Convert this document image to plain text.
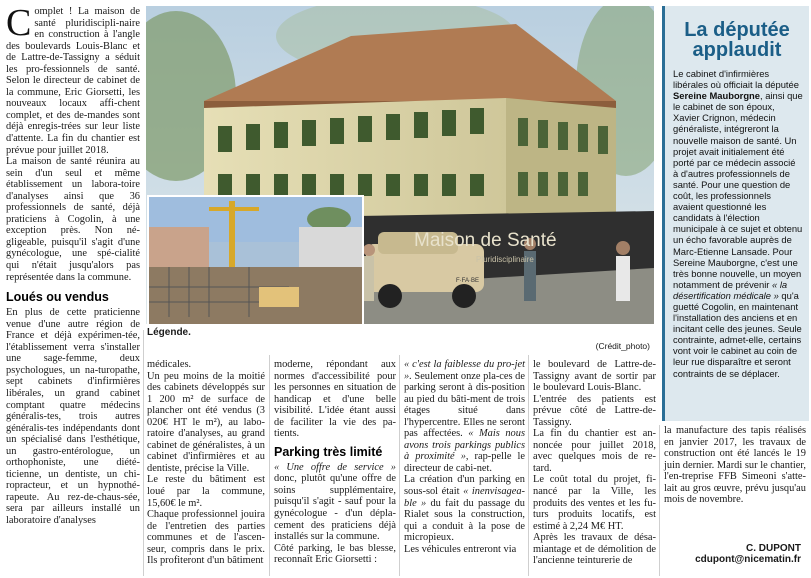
Complet ! La maison de santé pluridiscipli-naire en construction à l'angle des boulevards Louis-Blanc et de Lattre-de-Tassigny a séduit les pro-fessionnels de santé. Selon le directeur de cabinet de la commune, Eric Giorsetti, les nouveaux locaux affi-chent complet, et des de-mandes sont déjà enregis-trées sur leur liste d'attente. La fin du chantier est prévue pour juillet 2018.

La maison de santé réunira au sein d'un seul et même établissement un labora-toire d'analyses ainsi que 36 professionnels de santé, déjà praticiens à Cogolin, à une exception près. Non né-gligeable, puisqu'il s'agit d'une gynécologue, une spé-cialité qui n'était jusqu'alors pas représentée dans la commune.

Loués ou vendus

En plus de cette praticienne venue d'une autre région de France et déjà expérimen-tée, l'établissement verra s'installer une sage-femme, deux psychologues, un na-turopathe, sept cabinets d'infirmières libérales, un grand cabinet comptant quatre médecins généralis-tes, trois autres généralis-tes indépendants dont un spécialisé dans l'esthétique, un gastro-entérologue, un orthophoniste, une diété-ticienne, un dentiste, un chi-ropracteur, et un hypnothé-rapeute. Au rez-de-chaus-sée, sera par ailleurs installé un laboratoire d'analyses

Maison de Santé
Pluridisciplinaire
F·FA·BE
Légende.
(Crédit_photo)

médicales.

Un peu moins de la moitié des cabinets développés sur 1 200 m² de surface de plancher ont été vendus (3 020€ HT le m²), au labo-ratoire d'analyses, au grand cabinet de généralistes, à un cabinet d'infirmières et au dentiste, précise la Ville.

Le reste du bâtiment est loué par la commune, 15,60€ le m².

Chaque professionnel jouira de l'entretien des parties communes et de l'ascen-seur, compris dans le prix. Ils profiteront d'un bâtiment

moderne, répondant aux normes d'accessibilité pour les personnes en situation de handicap et d'une belle visibilité. L'idée étant aussi de faciliter la vie des pa-tients.

Parking très limité

« Une offre de service » donc, plutôt qu'une offre de soins supplémentaire, puisqu'il s'agit - sauf pour la gynécologue - d'un dépla-cement des praticiens déjà installés sur la commune.

Côté parking, le bas blesse, reconnaît Eric Giorsetti :

« c'est la faiblesse du pro-jet ». Seulement onze pla-ces de parking seront à dis-position au pied du bâti-ment de trois étages situé dans l'hypercentre. Elles ne seront pas affectées. « Mais nous avons trois parkings publics à proximité », rap-pelle le directeur de cabi-net.

La création d'un parking en sous-sol était « inenvisagea-ble » du fait du passage du Rialet sous la construction, qui a conduit à la pose de micropieux.

Les véhicules entreront via

le boulevard de Lattre-de-Tassigny avant de sortir par le boulevard Louis-Blanc.

L'entrée des patients est prévue côté de Lattre-de-Tassigny.

La fin du chantier est an-noncée pour juillet 2018, avec quelques mois de re-tard.

Le coût total du projet, fi-nancé par la Ville, les produits des ventes et les fu-turs produits locatifs, est estimé à 2,24 M€ HT.

Après les travaux de désa-miantage et de démolition de l'ancienne teinturerie de

La députée applaudit
Le cabinet d'infirmières libérales où officiait la députée Sereine Mauborgne, ainsi que le cabinet de son époux, Xavier Crignon, médecin généraliste, intégreront la nouvelle maison de santé. Un projet avait initialement été porté par ce médecin associé à d'autres professionnels de santé. Pour une question de coût, les professionnels avaient questionné les candidats à l'élection municipale à ce sujet et obtenu un écho favorable auprès de Marc-Etienne Lansade. Pour Sereine Mauborgne, c'est une très bonne nouvelle, un moyen notamment de prévenir « la désertification médicale » qu'a guetté Cogolin, en maintenant l'installation des anciens et en incitant celle des jeunes. Seule contrainte, admet-elle, certains vont voir le cabinet au coin de leur rue disparaître et seront contraints de se déplacer.

la manufacture des tapis réalisés en janvier 2017, les travaux de construction ont été lancés le 19 juin dernier. Mardi sur le chantier, l'en-treprise FFB Simeoni s'atte-lait au gros œuvre, prévu jusqu'au mois de novembre.

C. DUPONT
cdupont@nicematin.fr
